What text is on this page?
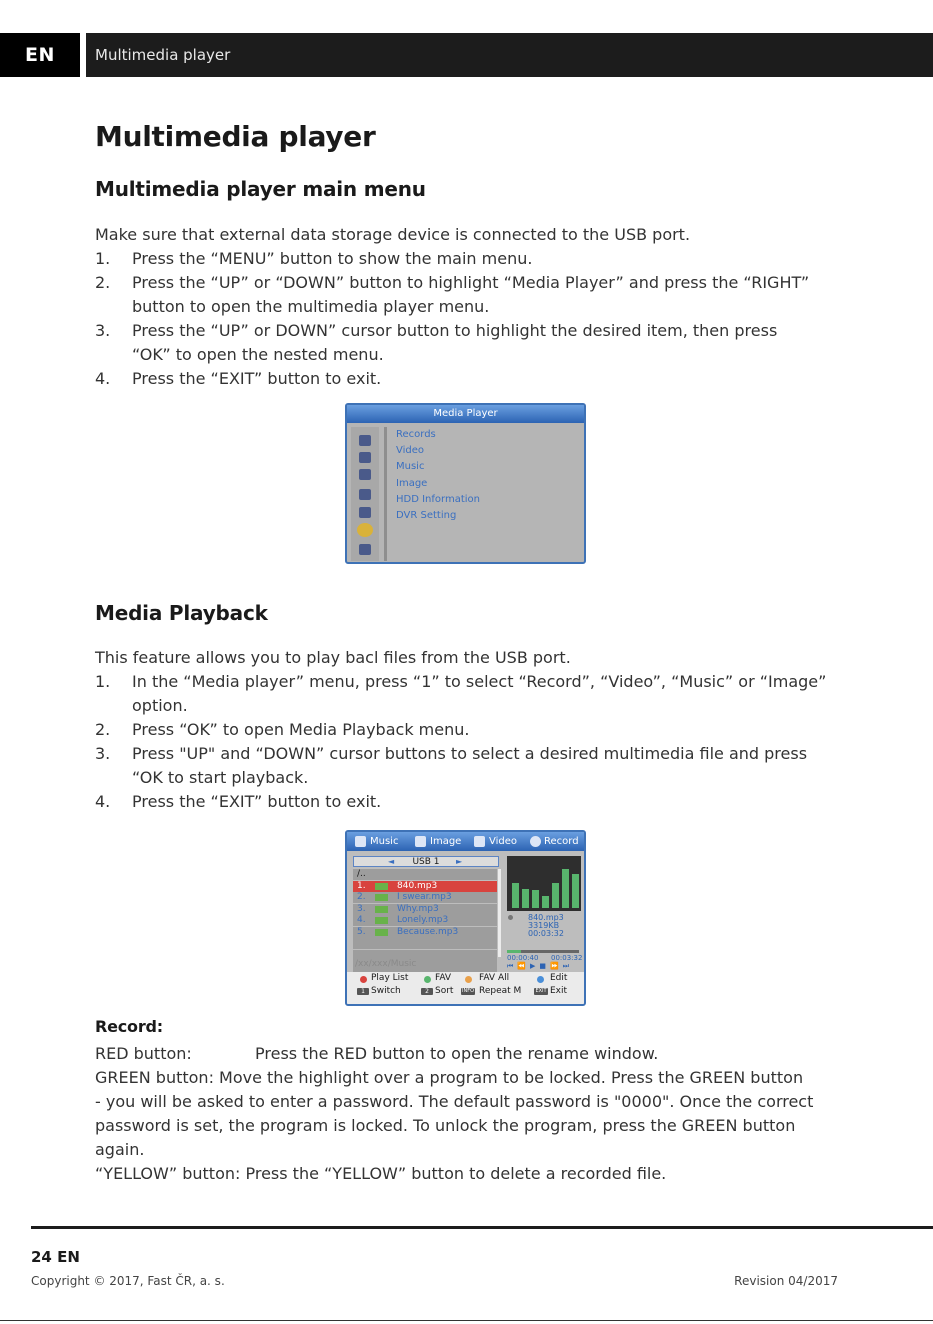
EN	Multimedia player
Multimedia player
Multimedia player main menu
Make sure that external data storage device is connected to the USB port.
1. Press the “MENU” button to show the main menu.
2. Press the “UP” or “DOWN” button to highlight “Media Player” and press the “RIGHT”
button to open the multimedia player menu.
3. Press the “UP” or DOWN” cursor button to highlight the desired item, then press
“OK” to open the nested menu.
4. Press the “EXIT” button to exit.
Media Player
Records
Video
Music
Image
HDD Information
DVR Setting
Media Playback
This feature allows you to play bacl files from the USB port.
1. In the “Media player” menu, press “1” to select “Record”, “Video”, “Music” or “Image”
option.
2. Press “OK” to open Media Playback menu.
3. Press "UP" and “DOWN” cursor buttons to select a desired multimedia file and press
“OK to start playback.
4. Press the “EXIT” button to exit.
Music	Image	Video	Record
◄ USB 1 ►
/..
1.	840.mp3
2.	I swear.mp3
3.	Why.mp3
4.	Lonely.mp3
5.	Because.mp3
/xx/xxx/Music
840.mp3
3319KB
00:03:32
00:00:40 00:03:32
⏮⏪▶■⏩⏭
Play List	FAV	FAV All	Edit
1 Switch	2 Sort INFO Repeat M	EXIT Exit
Record:
RED button:	Press the RED button to open the rename window.
GREEN button: Move the highlight over a program to be locked. Press the GREEN button
- you will be asked to enter a password. The default password is "0000". Once the correct
password is set, the program is locked. To unlock the program, press the GREEN button
again.
“YELLOW” button: Press the “YELLOW” button to delete a recorded file.
24 EN
Copyright © 2017, Fast ČR, a. s.	Revision 04/2017
